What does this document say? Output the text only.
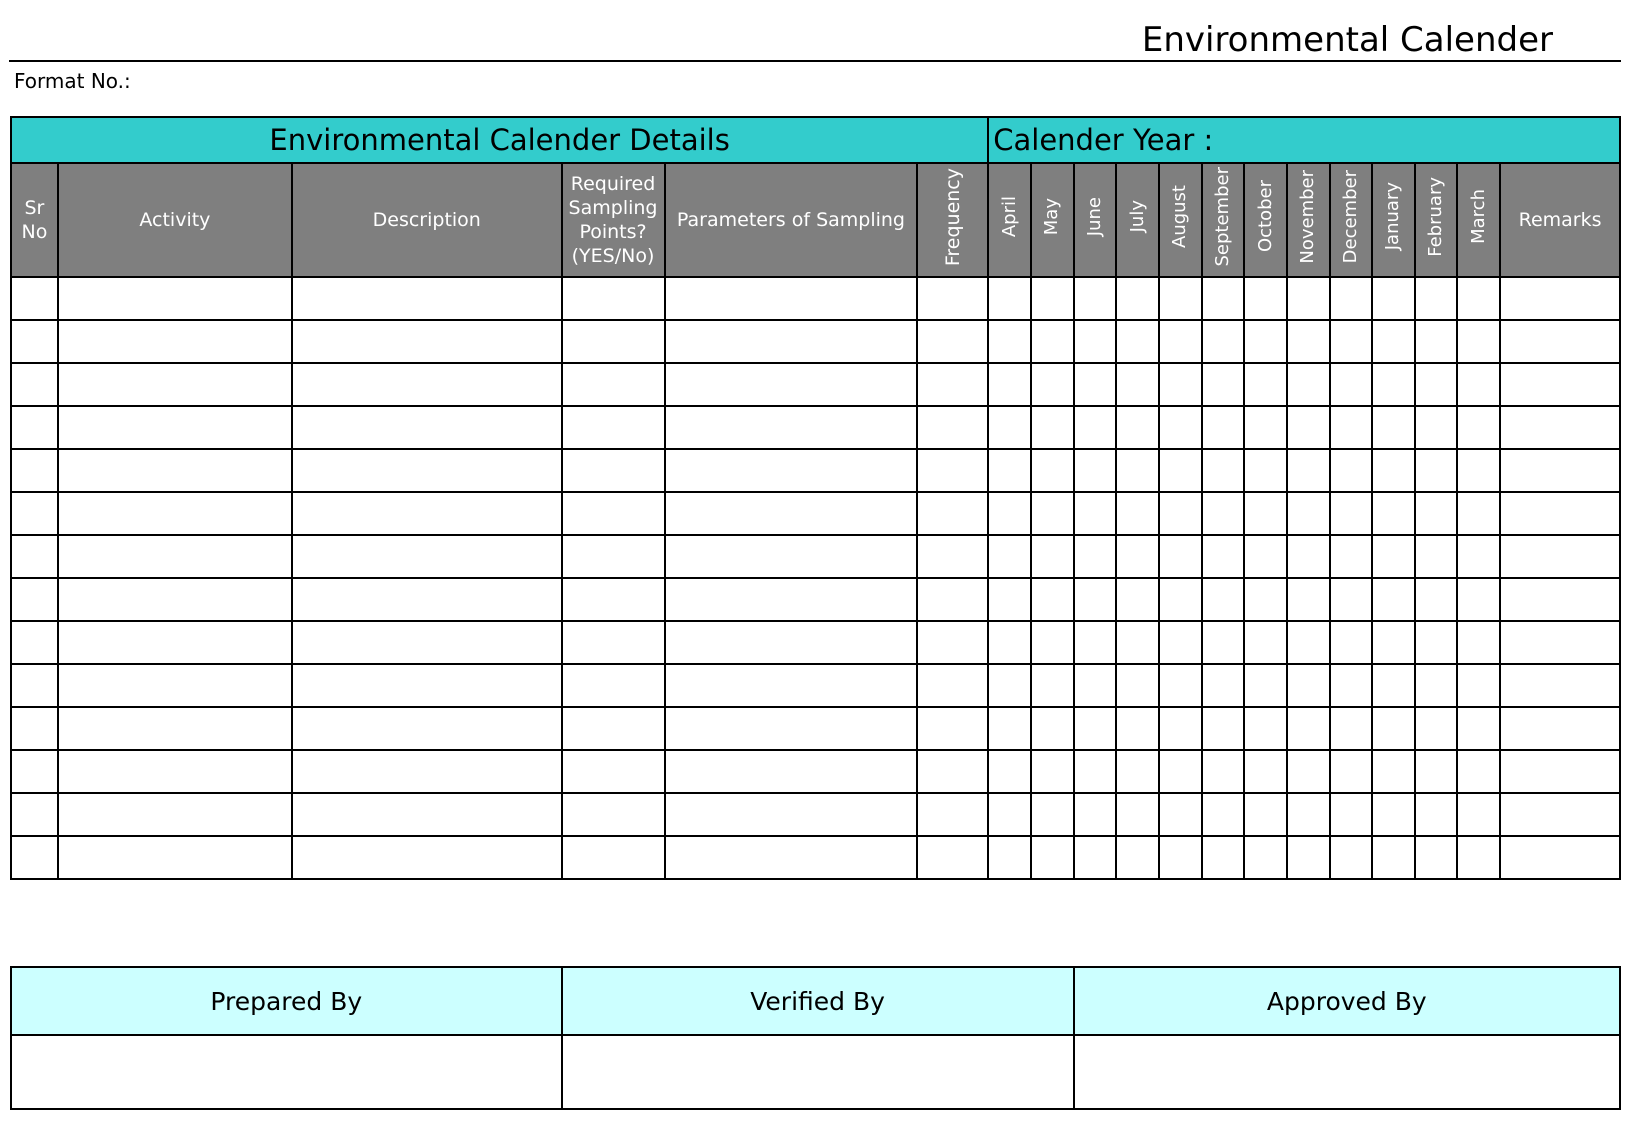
Environmental Calender
Format No.:
Environmental Calender Details						Calender Year :												
Sr No	Activity	Description	Required Sampling Points? (YES/No)	Parameters of Sampling	Frequency	April	May	June	July	August	September	October	November	December	January	February	March	Remarks

Prepared By	Verified By	Approved By
